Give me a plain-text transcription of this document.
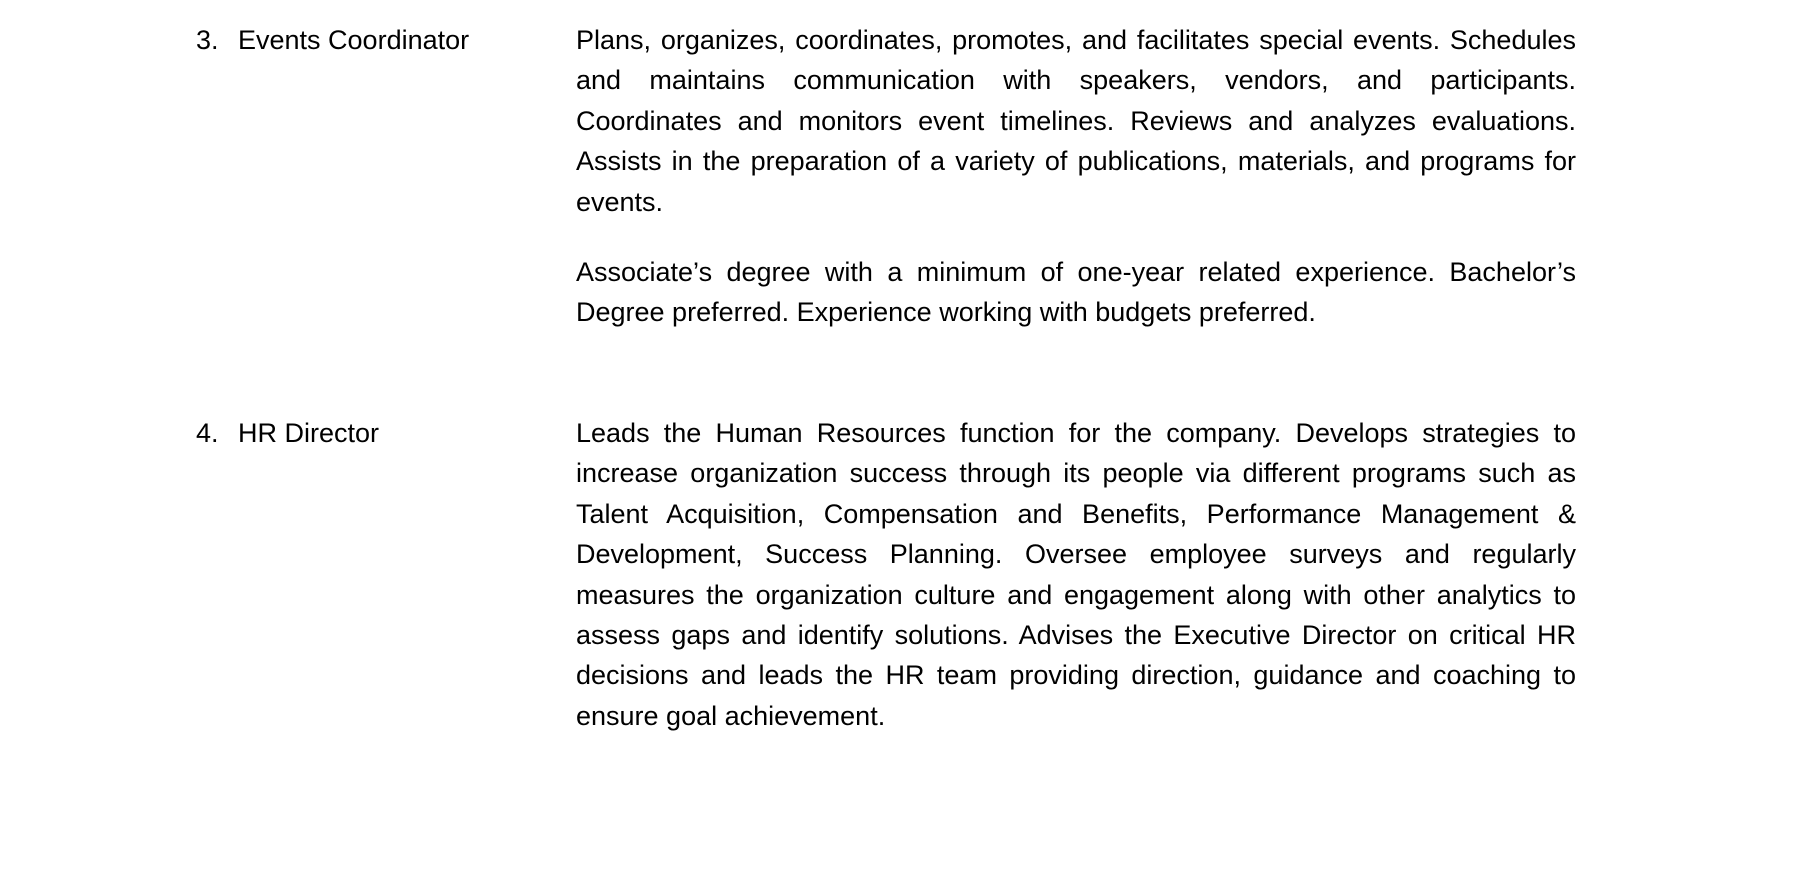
3. Events Coordinator	Plans, organizes, coordinates, promotes, and facilitates special events. Schedules and maintains communication with speakers, vendors, and participants. Coordinates and monitors event timelines. Reviews and analyzes evaluations. Assists in the preparation of a variety of publications, materials, and programs for events.

Associate’s degree with a minimum of one-year related experience. Bachelor’s Degree preferred. Experience working with budgets preferred.

4. HR Director	Leads the Human Resources function for the company. Develops strategies to increase organization success through its people via different programs such as Talent Acquisition, Compensation and Benefits, Performance Management & Development, Success Planning. Oversee employee surveys and regularly measures the organization culture and engagement along with other analytics to assess gaps and identify solutions. Advises the Executive Director on critical HR decisions and leads the HR team providing direction, guidance and coaching to ensure goal achievement.
